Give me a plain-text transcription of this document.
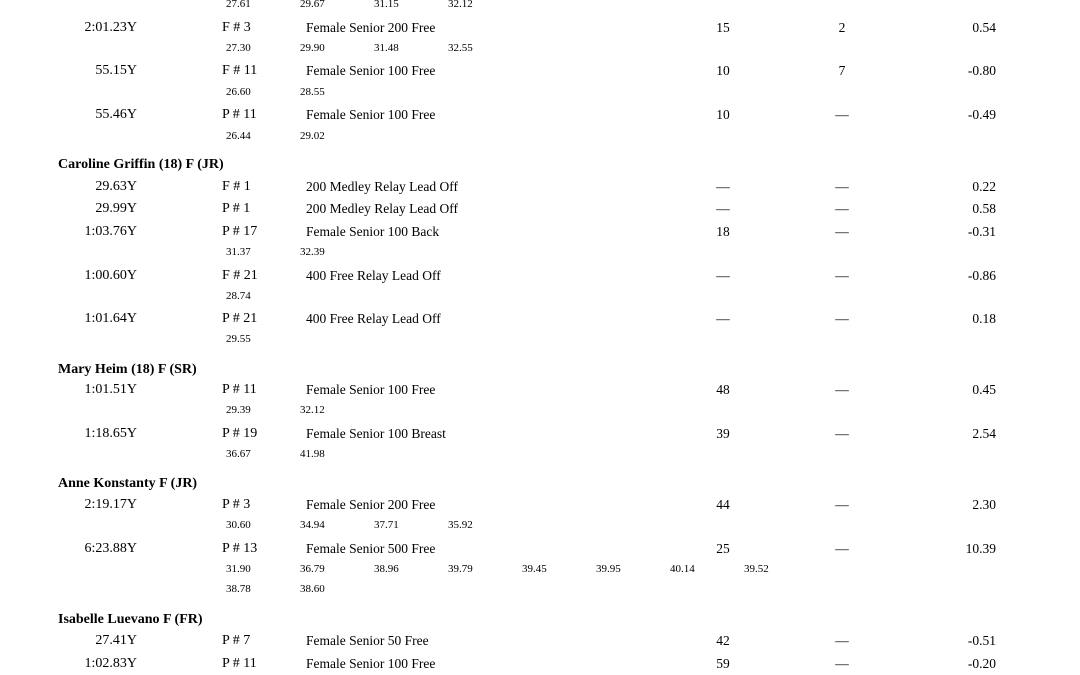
27.61	29.67	31.15	32.12
2:01.23Y	F # 3	Female Senior 200 Free	15	2	0.54
27.30	29.90	31.48	32.55
55.15Y	F # 11	Female Senior 100 Free	10	7	-0.80
26.60	28.55
55.46Y	P # 11	Female Senior 100 Free	10	—	-0.49
26.44	29.02
Caroline Griffin (18) F (JR)
29.63Y	F # 1	200 Medley Relay Lead Off	—	—	0.22
29.99Y	P # 1	200 Medley Relay Lead Off	—	—	0.58
1:03.76Y	P # 17	Female Senior 100 Back	18	—	-0.31
31.37	32.39
1:00.60Y	F # 21	400 Free Relay Lead Off	—	—	-0.86
28.74
1:01.64Y	P # 21	400 Free Relay Lead Off	—	—	0.18
29.55
Mary Heim (18) F (SR)
1:01.51Y	P # 11	Female Senior 100 Free	48	—	0.45
29.39	32.12
1:18.65Y	P # 19	Female Senior 100 Breast	39	—	2.54
36.67	41.98
Anne Konstanty F (JR)
2:19.17Y	P # 3	Female Senior 200 Free	44	—	2.30
30.60	34.94	37.71	35.92
6:23.88Y	P # 13	Female Senior 500 Free	25	—	10.39
31.90	36.79	38.96	39.79	39.45	39.95	40.14	39.52
38.78	38.60
Isabelle Luevano F (FR)
27.41Y	P # 7	Female Senior 50 Free	42	—	-0.51
1:02.83Y	P # 11	Female Senior 100 Free	59	—	-0.20
